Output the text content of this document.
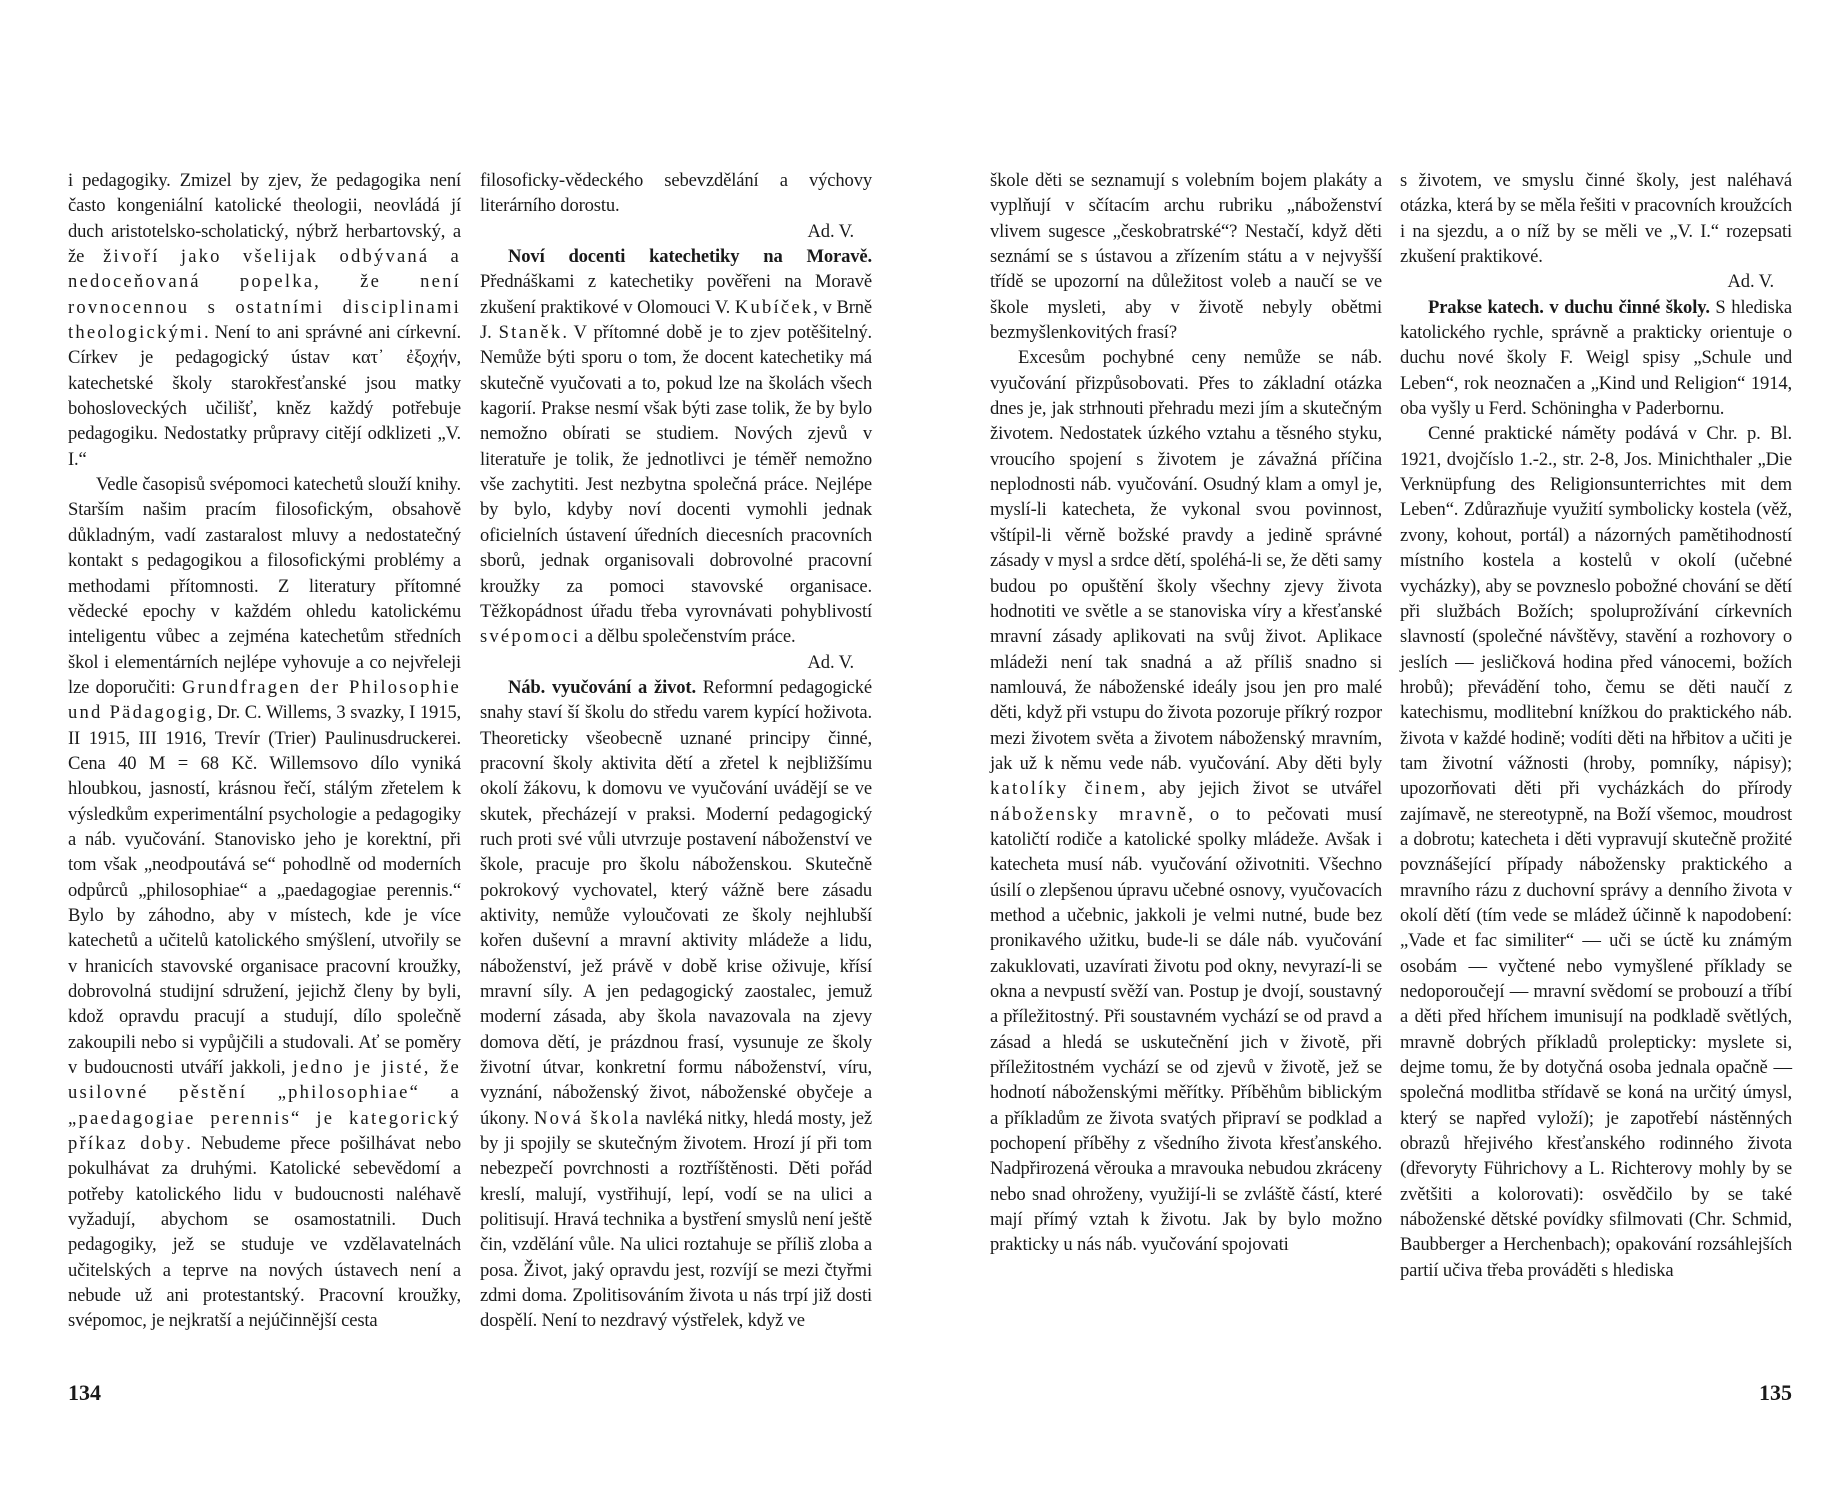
i pedagogiky. Zmizel by zjev, že pedagogika není často kongeniální katolické theologii, neovládá jí duch aristotelsko-scholatický, nýbrž herbartovský, a že živoří jako všelijak odbývaná a nedoceňovaná popelka, že není rovnocennou s ostatními disciplinami theologickými. Není to ani správné ani církevní. Církev je pedagogický ústav κατ᾽ ἐξοχήν, katechetské školy starokřesťanské jsou matky bohosloveckých učilišť, kněz každý potřebuje pedagogiku. Nedostatky průpravy citějí odklizeti „V. I.“

Vedle časopisů svépomoci katechetů slouží knihy. Starším našim pracím filosofickým, obsahově důkladným, vadí zastaralost mluvy a nedostatečný kontakt s pedagogikou a filosofickými problémy a methodami přítomnosti. Z literatury přítomné vědecké epochy v každém ohledu katolickému inteligentu vůbec a zejména katechetům středních škol i elementárních nejlépe vyhovuje a co nejvřeleji lze doporučiti: Grundfragen der Philosophie und Pädagogig, Dr. C. Willems, 3 svazky, I 1915, II 1915, III 1916, Trevír (Trier) Paulinusdruckerei. Cena 40 M = 68 Kč. Willemsovo dílo vyniká hloubkou, jasností, krásnou řečí, stálým zřetelem k výsledkům experimentální psychologie a pedagogiky a náb. vyučování. Stanovisko jeho je korektní, při tom však „neodpoutává se“ pohodlně od moderních odpůrců „philosophiae“ a „paedagogiae perennis.“ Bylo by záhodno, aby v místech, kde je více katechetů a učitelů katolického smýšlení, utvořily se v hranicích stavovské organisace pracovní kroužky, dobrovolná studijní sdružení, jejichž členy by byli, kdož opravdu pracují a studují, dílo společně zakoupili nebo si vypůjčili a studovali. Ať se poměry v budoucnosti utváří jakkoli, jedno je jisté, že usilovné pěstění „philosophiae“ a „paedagogiae perennis“ je kategorický příkaz doby. Nebudeme přece pošilhávat nebo pokulhávat za druhými. Katolické sebevědomí a potřeby katolického lidu v budoucnosti naléhavě vyžadují, abychom se osamostatnili. Duch pedagogiky, jež se studuje ve vzdělavatelnách učitelských a teprve na nových ústavech není a nebude už ani protestantský. Pracovní kroužky, svépomoc, je nejkratší a nejúčinnější cesta

filosoficky-vědeckého sebevzdělání a výchovy literárního dorostu.

Ad. V.

Noví docenti katechetiky na Moravě. Přednáškami z katechetiky pověřeni na Moravě zkušení praktikové v Olomouci V. Kubíček, v Brně J. Staněk. V přítomné době je to zjev potěšitelný. Nemůže býti sporu o tom, že docent katechetiky má skutečně vyučovati a to, pokud lze na školách všech kagorií. Prakse nesmí však býti zase tolik, že by bylo nemožno obírati se studiem. Nových zjevů v literatuře je tolik, že jednotlivci je téměř nemožno vše zachytiti. Jest nezbytna společná práce. Nejlépe by bylo, kdyby noví docenti vymohli jednak oficielních ústavení úředních diecesních pracovních sborů, jednak organisovali dobrovolné pracovní kroužky za pomoci stavovské organisace. Těžkopádnost úřadu třeba vyrovnávati pohyblivostí svépomoci a dělbu společenstvím práce.

Ad. V.

Náb. vyučování a život. Reformní pedagogické snahy staví ší školu do středu varem kypící hoživota. Theoreticky všeobecně uznané principy činné, pracovní školy aktivita dětí a zřetel k nejbližšímu okolí žákovu, k domovu ve vyučování uvádějí se ve skutek, přecházejí v praksi. Moderní pedagogický ruch proti své vůli utvrzuje postavení náboženství ve škole, pracuje pro školu náboženskou. Skutečně pokrokový vychovatel, který vážně bere zásadu aktivity, nemůže vyloučovati ze školy nejhlubší kořen duševní a mravní aktivity mládeže a lidu, náboženství, jež právě v době krise oživuje, křísí mravní síly. A jen pedagogický zaostalec, jemuž moderní zásada, aby škola navazovala na zjevy domova dětí, je prázdnou frasí, vysunuje ze školy životní útvar, konkretní formu náboženství, víru, vyznání, náboženský život, náboženské obyčeje a úkony. Nová škola navléká nitky, hledá mosty, jež by ji spojily se skutečným životem. Hrozí jí při tom nebezpečí povrchnosti a roztříštěnosti. Děti pořád kreslí, malují, vystřihují, lepí, vodí se na ulici a politisují. Hravá technika a bystření smyslů není ještě čin, vzdělání vůle. Na ulici roztahuje se příliš zloba a posa. Život, jaký opravdu jest, rozvíjí se mezi čtyřmi zdmi doma. Zpolitisováním života u nás trpí již dosti dospělí. Není to nezdravý výstřelek, když ve

134

škole děti se seznamují s volebním bojem plakáty a vyplňují v sčítacím archu rubriku „náboženství vlivem sugesce „českobratrské“? Nestačí, když děti seznámí se s ústavou a zřízením státu a v nejvyšší třídě se upozorní na důležitost voleb a naučí se ve škole mysleti, aby v životě nebyly obětmi bezmyšlenkovitých frasí?

Excesům pochybné ceny nemůže se náb. vyučování přizpůsobovati. Přes to základní otázka dnes je, jak strhnouti přehradu mezi jím a skutečným životem. Nedostatek úzkého vztahu a těsného styku, vroucího spojení s životem je závažná příčina neplodnosti náb. vyučování. Osudný klam a omyl je, myslí-li katecheta, že vykonal svou povinnost, vštípil-li věrně božské pravdy a jedině správné zásady v mysl a srdce dětí, spoléhá-li se, že děti samy budou po opuštění školy všechny zjevy života hodnotiti ve světle a se stanoviska víry a křesťanské mravní zásady aplikovati na svůj život. Aplikace mládeži není tak snadná a až příliš snadno si namlouvá, že náboženské ideály jsou jen pro malé děti, když při vstupu do života pozoruje příkrý rozpor mezi životem světa a životem náboženský mravním, jak už k němu vede náb. vyučování. Aby děti byly katolíky činem, aby jejich život se utvářel nábožensky mravně, o to pečovati musí katoličtí rodiče a katolické spolky mládeže. Avšak i katecheta musí náb. vyučování oživotniti. Všechno úsilí o zlepšenou úpravu učebné osnovy, vyučovacích method a učebnic, jakkoli je velmi nutné, bude bez pronikavého užitku, bude-li se dále náb. vyučování zakuklovati, uzavírati životu pod okny, nevyrazí-li se okna a nevpustí svěží van. Postup je dvojí, soustavný a příležitostný. Při soustavném vychází se od pravd a zásad a hledá se uskutečnění jich v životě, při příležitostném vychází se od zjevů v životě, jež se hodnotí náboženskými měřítky. Příběhům biblickým a příkladům ze života svatých připraví se podklad a pochopení příběhy z všedního života křesťanského. Nadpřirozená věrouka a mravouka nebudou zkráceny nebo snad ohroženy, využijí-li se zvláště částí, které mají přímý vztah k životu. Jak by bylo možno prakticky u nás náb. vyučování spojovati

s životem, ve smyslu činné školy, jest naléhavá otázka, která by se měla řešiti v pracovních kroužcích i na sjezdu, a o níž by se měli ve „V. I.“ rozepsati zkušení praktikové.

Ad. V.

Prakse katech. v duchu činné školy. S hlediska katolického rychle, správně a prakticky orientuje o duchu nové školy F. Weigl spisy „Schule und Leben“, rok neoznačen a „Kind und Religion“ 1914, oba vyšly u Ferd. Schöningha v Paderbornu.

Cenné praktické náměty podává v Chr. p. Bl. 1921, dvojčíslo 1.-2., str. 2-8, Jos. Minichthaler „Die Verknüpfung des Religionsunterrichtes mit dem Leben“. Zdůrazňuje využití symbolicky kostela (věž, zvony, kohout, portál) a názorných pamětihodností místního kostela a kostelů v okolí (učebné vycházky), aby se povzneslo pobožné chování se dětí při službách Božích; spoluprožívání církevních slavností (společné návštěvy, stavění a rozhovory o jeslích — jesličková hodina před vánocemi, božích hrobů); převádění toho, čemu se děti naučí z katechismu, modlitební knížkou do praktického náb. života v každé hodině; vodíti děti na hřbitov a učiti je tam životní vážnosti (hroby, pomníky, nápisy); upozorňovati děti při vycházkách do přírody zajímavě, ne stereotypně, na Boží všemoc, moudrost a dobrotu; katecheta i děti vypravují skutečně prožité povznášející případy nábožensky praktického a mravního rázu z duchovní správy a denního života v okolí dětí (tím vede se mládež účinně k napodobení: „Vade et fac similiter“ — uči se úctě ku známým osobám — vyčtené nebo vymyšlené příklady se nedoporoučejí — mravní svědomí se probouzí a tříbí a děti před hříchem imunisují na podkladě světlých, mravně dobrých příkladů prolepticky: myslete si, dejme tomu, že by dotyčná osoba jednala opačně — společná modlitba střídavě se koná na určitý úmysl, který se napřed vyloží); je zapotřebí nástěnných obrazů hřejivého křesťanského rodinného života (dřevoryty Führichovy a L. Richterovy mohly by se zvětšiti a kolorovati): osvědčilo by se také náboženské dětské povídky sfilmovati (Chr. Schmid, Baubberger a Herchenbach); opakování rozsáhlejších partií učiva třeba prováděti s hlediska

135
